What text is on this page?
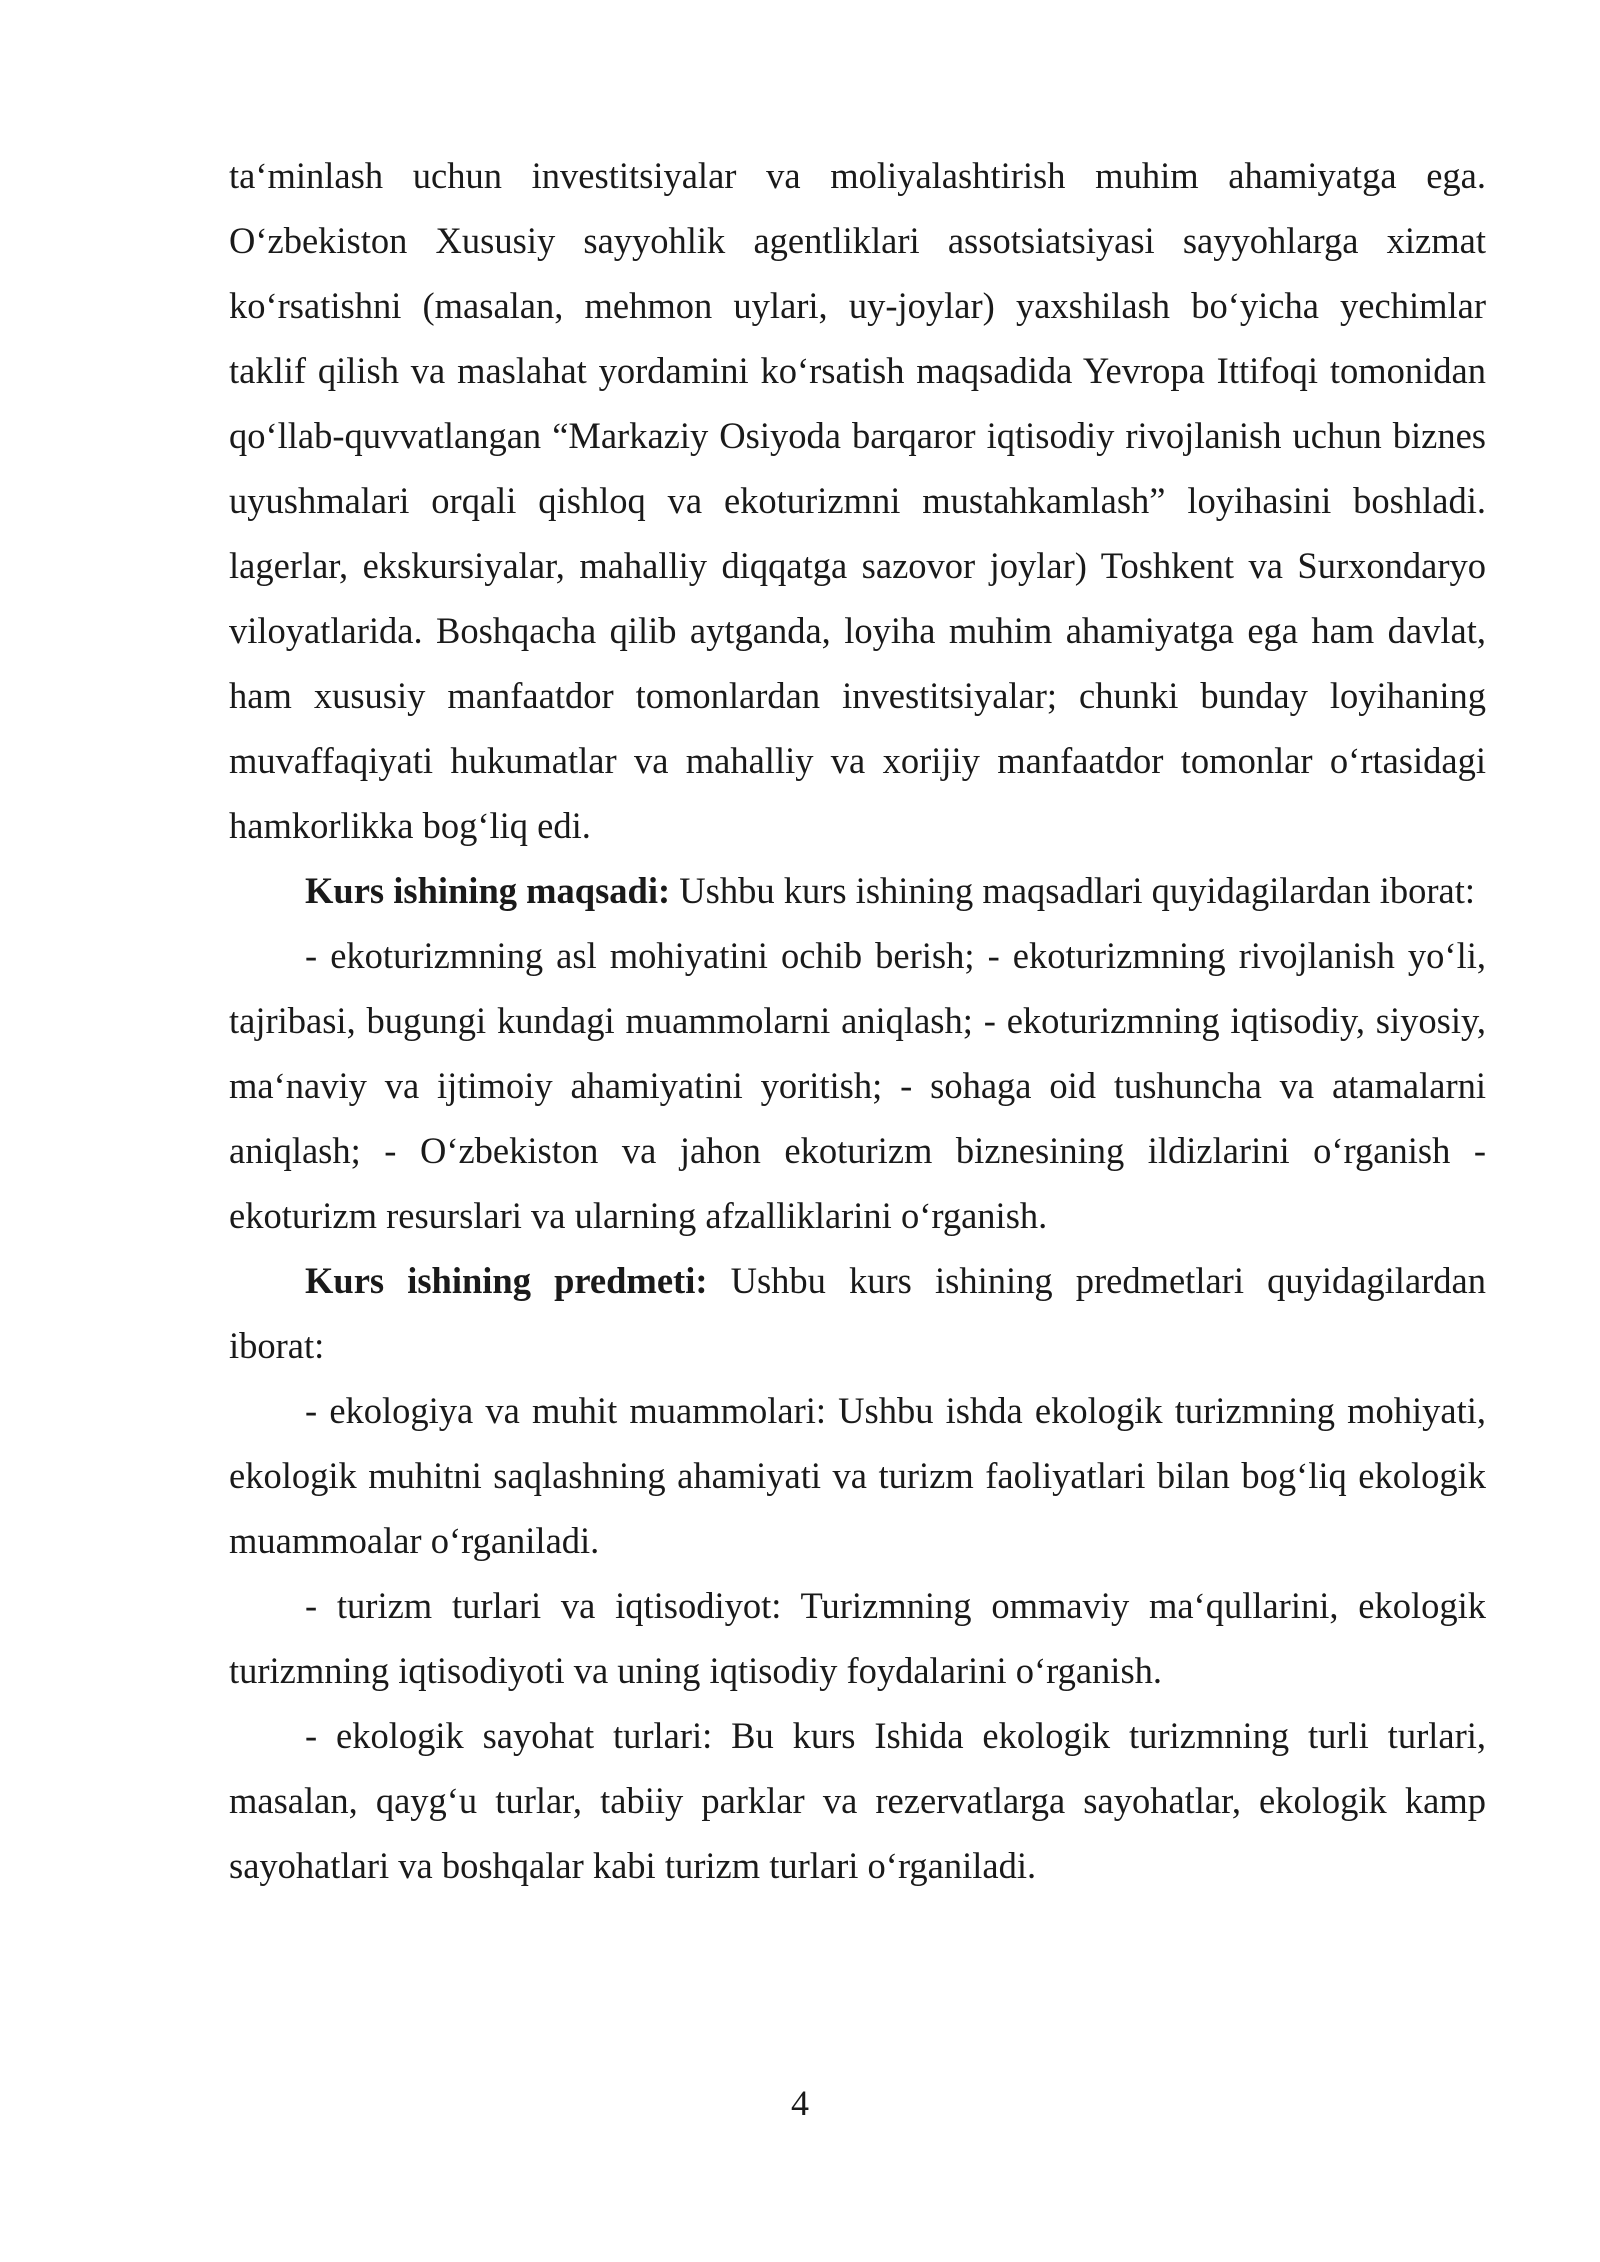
ta‘minlash uchun investitsiyalar va moliyalashtirish muhim ahamiyatga ega. O‘zbekiston Xususiy sayyohlik agentliklari assotsiatsiyasi sayyohlarga xizmat ko‘rsatishni (masalan, mehmon uylari, uy-joylar) yaxshilash bo‘yicha yechimlar taklif qilish va maslahat yordamini ko‘rsatish maqsadida Yevropa Ittifoqi tomonidan qo‘llab-quvvatlangan “Markaziy Osiyoda barqaror iqtisodiy rivojlanish uchun biznes uyushmalari orqali qishloq va ekoturizmni mustahkamlash” loyihasini boshladi. lagerlar, ekskursiyalar, mahalliy diqqatga sazovor joylar) Toshkent va Surxondaryo viloyatlarida. Boshqacha qilib aytganda, loyiha muhim ahamiyatga ega ham davlat, ham xususiy manfaatdor tomonlardan investitsiyalar; chunki bunday loyihaning muvaffaqiyati hukumatlar va mahalliy va xorijiy manfaatdor tomonlar o‘rtasidagi hamkorlikka bog‘liq edi.

Kurs ishining maqsadi: Ushbu kurs ishining maqsadlari quyidagilardan iborat:

- ekoturizmning asl mohiyatini ochib berish; - ekoturizmning rivojlanish yo‘li, tajribasi, bugungi kundagi muammolarni aniqlash; - ekoturizmning iqtisodiy, siyosiy, ma‘naviy va ijtimoiy ahamiyatini yoritish; - sohaga oid tushuncha va atamalarni aniqlash; - O‘zbekiston va jahon ekoturizm biznesining ildizlarini o‘rganish - ekoturizm resurslari va ularning afzalliklarini o‘rganish.

Kurs ishining predmeti: Ushbu kurs ishining predmetlari quyidagilardan iborat:

- ekologiya va muhit muammolari: Ushbu ishda ekologik turizmning mohiyati, ekologik muhitni saqlashning ahamiyati va turizm faoliyatlari bilan bog‘liq ekologik muammoalar o‘rganiladi.

- turizm turlari va iqtisodiyot: Turizmning ommaviy ma‘qullarini, ekologik turizmning iqtisodiyoti va uning iqtisodiy foydalarini o‘rganish.

- ekologik sayohat turlari: Bu kurs Ishida ekologik turizmning turli turlari, masalan, qayg‘u turlar, tabiiy parklar va rezervatlarga sayohatlar, ekologik kamp sayohatlari va boshqalar kabi turizm turlari o‘rganiladi.

4
